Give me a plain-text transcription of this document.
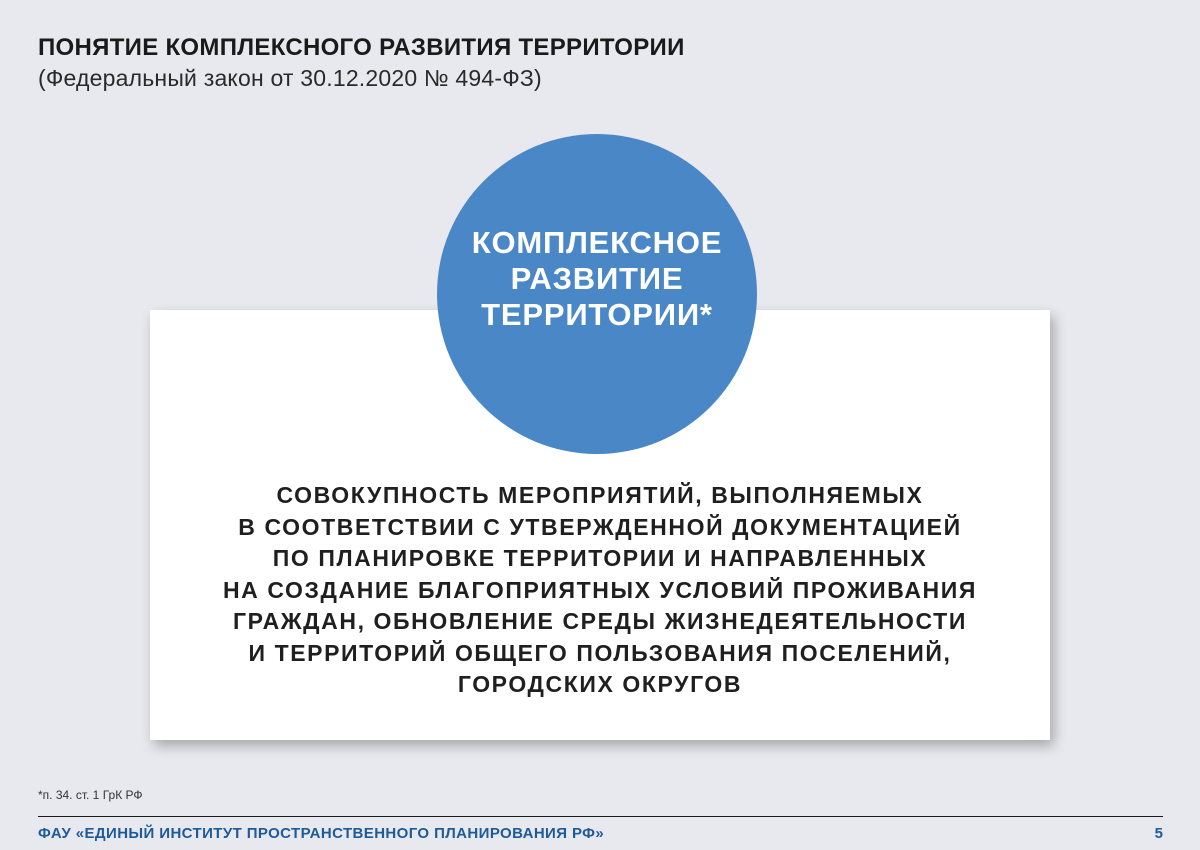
ПОНЯТИЕ КОМПЛЕКСНОГО РАЗВИТИЯ ТЕРРИТОРИИ

(Федеральный закон от 30.12.2020 № 494-ФЗ)

СОВОКУПНОСТЬ МЕРОПРИЯТИЙ, ВЫПОЛНЯЕМЫХ
В СООТВЕТСТВИИ С УТВЕРЖДЕННОЙ ДОКУМЕНТАЦИЕЙ
ПО ПЛАНИРОВКЕ ТЕРРИТОРИИ И НАПРАВЛЕННЫХ
НА СОЗДАНИЕ БЛАГОПРИЯТНЫХ УСЛОВИЙ ПРОЖИВАНИЯ
ГРАЖДАН, ОБНОВЛЕНИЕ СРЕДЫ ЖИЗНЕДЕЯТЕЛЬНОСТИ
И ТЕРРИТОРИЙ ОБЩЕГО ПОЛЬЗОВАНИЯ ПОСЕЛЕНИЙ,
ГОРОДСКИХ ОКРУГОВ
КОМПЛЕКСНОЕ
РАЗВИТИЕ
ТЕРРИТОРИИ*
*п. 34. ст. 1 ГрК РФ
ФАУ «ЕДИНЫЙ ИНСТИТУТ ПРОСТРАНСТВЕННОГО ПЛАНИРОВАНИЯ РФ»	5
